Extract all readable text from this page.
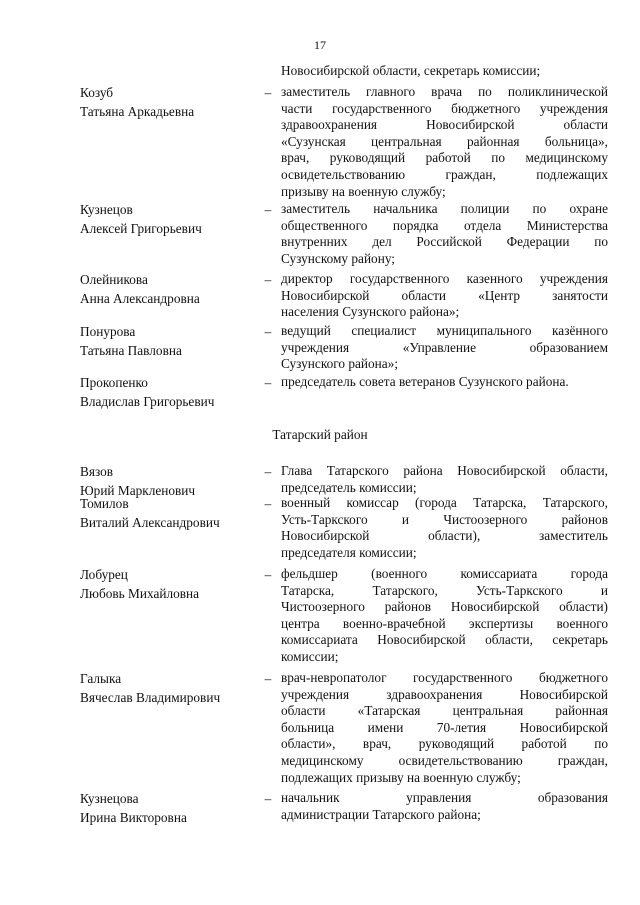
17
Новосибирской области, секретарь комиссии;
Козуб
Татьяна Аркадьевна
– заместитель главного врача по поликлинической
части государственного бюджетного учреждения
здравоохранения Новосибирской области
«Сузунская центральная районная больница»,
врач, руководящий работой по медицинскому
освидетельствованию граждан, подлежащих
призыву на военную службу;
Кузнецов
Алексей Григорьевич
– заместитель начальника полиции по охране
общественного порядка отдела Министерства
внутренних дел Российской Федерации по
Сузунскому району;
Олейникова
Анна Александровна
– директор государственного казенного учреждения
Новосибирской области «Центр занятости
населения Сузунского района»;
Понурова
Татьяна Павловна
– ведущий специалист муниципального казённого
учреждения «Управление образованием
Сузунского района»;
Прокопенко
Владислав Григорьевич
– председатель совета ветеранов Сузунского района.
Татарский район
Вязов
Юрий Маркленович
– Глава Татарского района Новосибирской области,
председатель комиссии;
Томилов
Виталий Александрович
– военный комиссар (города Татарска, Татарского,
Усть-Таркского и Чистоозерного районов
Новосибирской области), заместитель
председателя комиссии;
Лобурец
Любовь Михайловна
– фельдшер (военного комиссариата города
Татарска, Татарского, Усть-Таркского и
Чистоозерного районов Новосибирской области)
центра военно-врачебной экспертизы военного
комиссариата Новосибирской области, секретарь
комиссии;
Галыка
Вячеслав Владимирович
– врач-невропатолог государственного бюджетного
учреждения здравоохранения Новосибирской
области «Татарская центральная районная
больница имени 70-летия Новосибирской
области», врач, руководящий работой по
медицинскому освидетельствованию граждан,
подлежащих призыву на военную службу;
Кузнецова
Ирина Викторовна
– начальник управления образования
администрации Татарского района;
